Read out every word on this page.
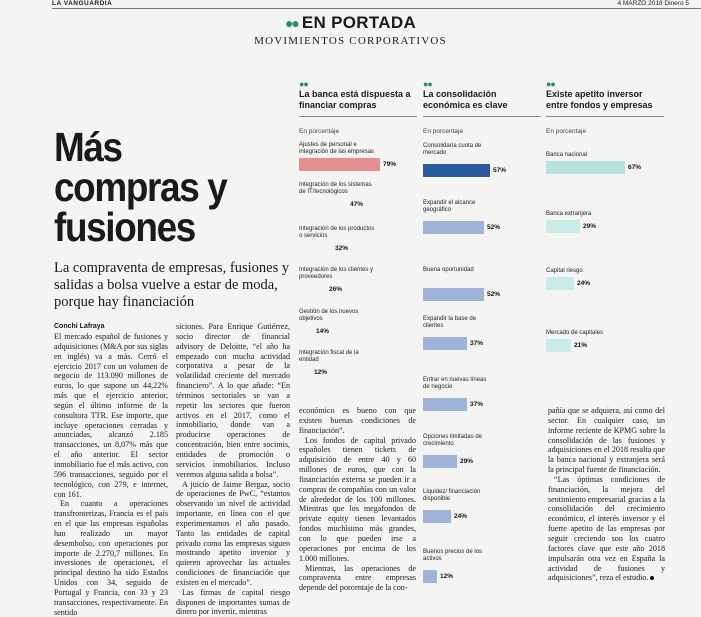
LA VANGUARDIA	4 MARZO 2018 Dinero 5
●● EN PORTADA
MOVIMIENTOS CORPORATIVOS
Más compras y fusiones
La compraventa de empresas, fusiones y salidas a bolsa vuelve a estar de moda, porque hay financiación
Conchi Lafraya

El mercado español de fusiones y adquisiciones (M&A por sus siglas en inglés) va a más. Cerró el ejercicio 2017 con un volumen de negocio de 113.090 millones de euros, lo que supone un 44,22% más que el ejercicio anterior, según el último informe de la consultora TTR. Ese importe, que incluye operaciones cerradas y anunciadas, alcanzó 2.185 transacciones, un 8,07% más que el año anterior. El sector inmobiliario fue el más activo, con 596 transacciones, seguido por el tecnológico, con 279, e internet, con 161.

En cuanto a operaciones transfronterizas, Francia es el país en el que las empresas españolas han realizado un mayor desembolso, con operaciones por importe de 2.270,7 millones. En inversiones de operaciones, el principal destino ha sido Estados Unidos con 34, seguido de Portugal y Francia, con 33 y 23 transacciones, respectivamente. En sentido

siciones. Para Enrique Gutiérrez, socio director de financial advisory de Deloitte, “el año ha empezado con mucha actividad corporativa a pesar de la volatilidad creciente del mercado financiero”. A lo que añade: “En términos sectoriales se van a repetir los sectores que fueron activos en el 2017, como el inmobiliario, donde van a producirse operaciones de concentración, bien entre socimis, entidades de promoción o servicios inmobiliarios. Incluso veremos alguna salida a bolsa”.

A juicio de Jaime Bergaz, socio de operaciones de PwC, “estamos observando un nivel de actividad importante, en línea con el que experimentamos el año pasado. Tanto las entidades de capital privado como las empresas siguen mostrando apetito inversor y quieren aprovechar las actuales condiciones de financiación que existen en el mercado”.

Las firmas de capital riesgo disponen de importantes sumas de dinero por invertir, mientras

económico es bueno con que existen buenas condiciones de financiación”.

Los fondos de capital privado españoles tienen tickets de adquisición de entre 40 y 60 millones de euros, que con la financiación externa se pueden ir a compras de compañías con un valor de alrededor de los 100 millones. Mientras que los megafondos de private equity tienen levantados fondos muchísimo más grandes, con lo que pueden irse a operaciones por encima de los 1.000 millones.

Mientras, las operaciones de compraventa entre empresas depende del porcentaje de la con-

pañía que se adquiera, así como del sector. En cualquier caso, un informe reciente de KPMG sobre la consolidación de las fusiones y adquisiciones en el 2018 resalta que la banca nacional y extranjera será la principal fuente de financiación.

“Las óptimas condiciones de financiación, la mejora del sentimiento empresarial gracias a la consolidación del crecimiento económico, el interés inversor y el fuerte apetito de las empresas por seguir creciendo son los cuatro factores clave que este año 2018 impulsarán otra vez en España la actividad de fusiones y adquisiciones”, reza el estudio.

●●
La banca está dispuesta a financiar compras
En porcentaje
Ajustes de personal e integración de las empresas
79%
Integración de los sistemas de IT/tecnológicos
47%
Integración de los productos o servicios
32%
Integración de los clientes y proveedores
26%
Gestión de los nuevos objetivos
14%
Integración fiscal de la entidad
12%
●●
La consolidación económica es clave
En porcentaje
Consolidaría cuota de mercado
57%
Expandir el alcance geográfico
52%
Buena oportunidad
52%
Expandir la base de clientes
37%
Entrar en nuevas líneas de negocio
37%
Opciones limitadas de crecimiento
29%
Liquidez/ financiación disponible
24%
Buenos precios de los activos
12%
●●
Existe apetito inversor entre fondos y empresas
En porcentaje
Banca nacional
67%
Banca extranjera
29%
Capital riesgo
24%
Mercado de capitales
21%
